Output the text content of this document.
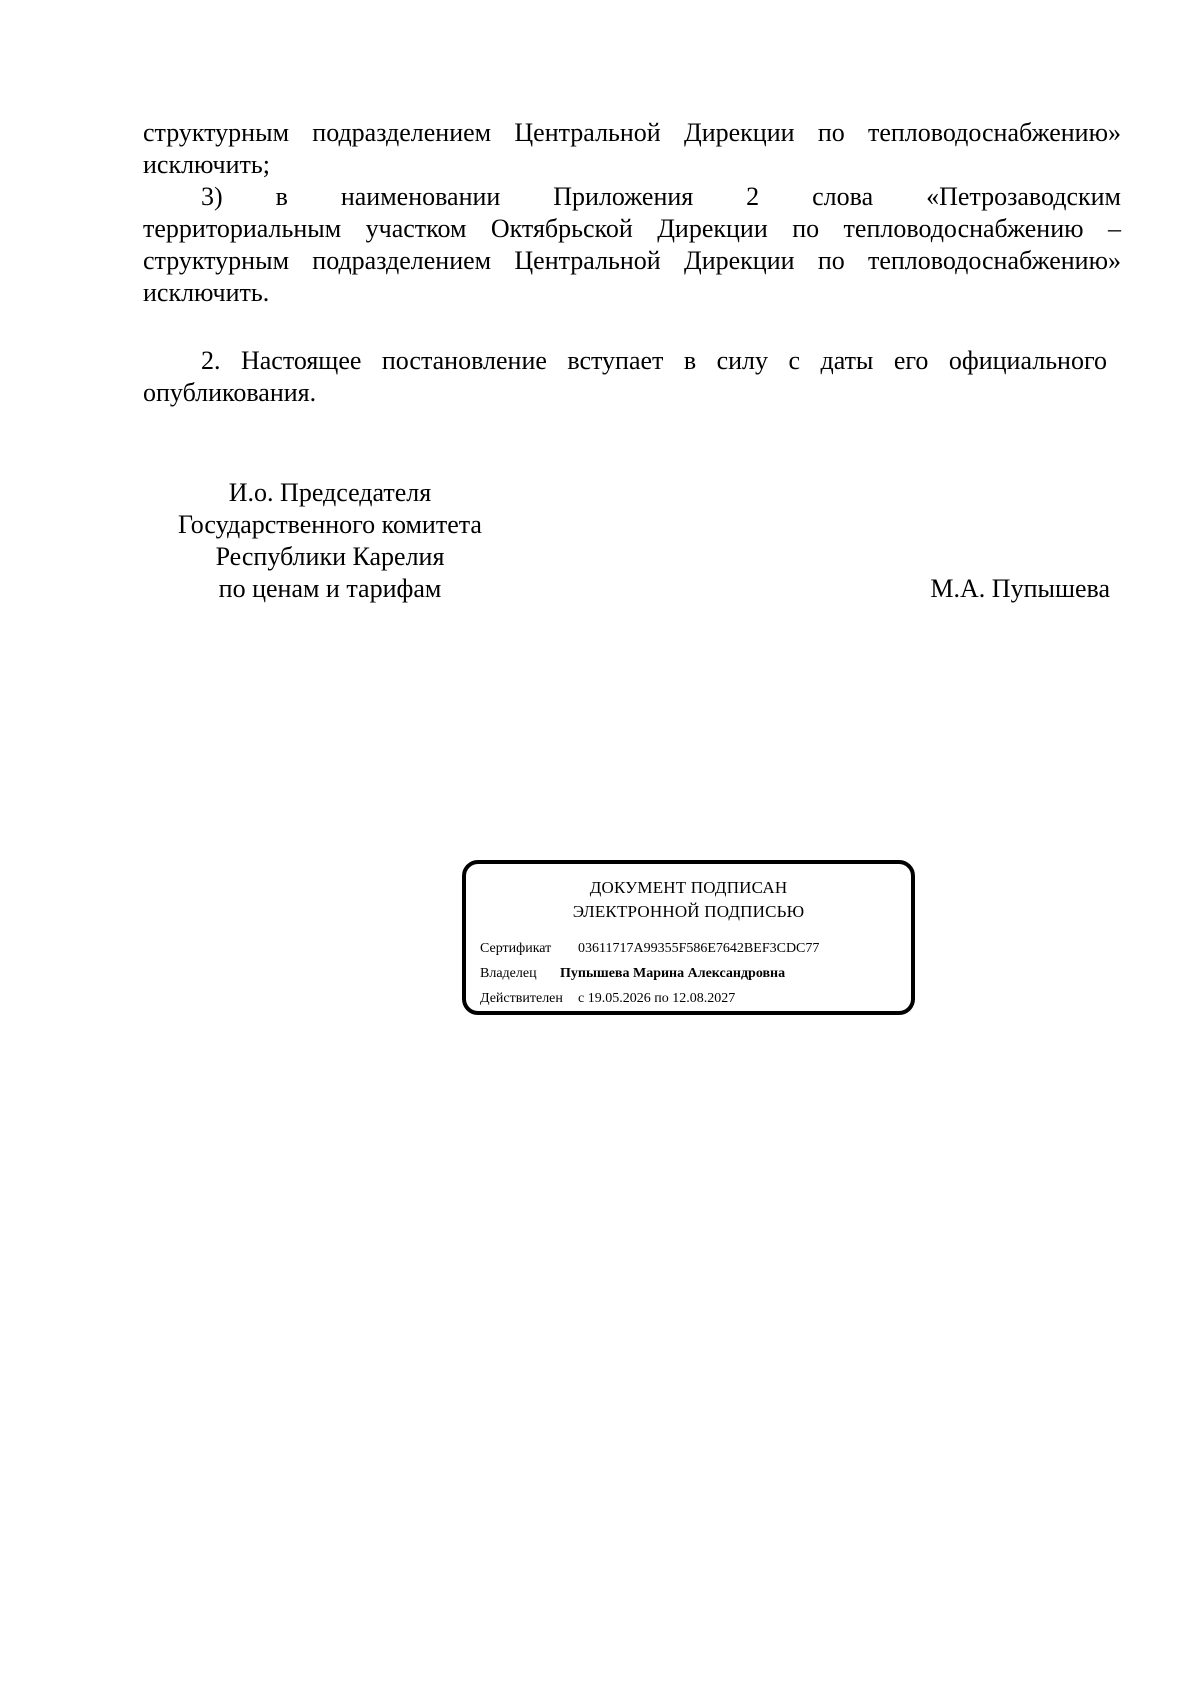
структурным подразделением Центральной Дирекции по тепловодоснабжению»
исключить;
3) в наименовании Приложения 2 слова «Петрозаводским
территориальным участком Октябрьской Дирекции по тепловодоснабжению –
структурным подразделением Центральной Дирекции по тепловодоснабжению»
исключить.
2. Настоящее постановление вступает в силу с даты его официального
опубликования.
И.о. Председателя
Государственного комитета
Республики Карелия
по ценам и тарифам	М.А. Пупышева
ДОКУМЕНТ ПОДПИСАН
ЭЛЕКТРОННОЙ ПОДПИСЬЮ
Сертификат 03611717A99355F586E7642BEF3CDC77
Владелец Пупышева Марина Александровна
Действителен с 19.05.2026 по 12.08.2027
